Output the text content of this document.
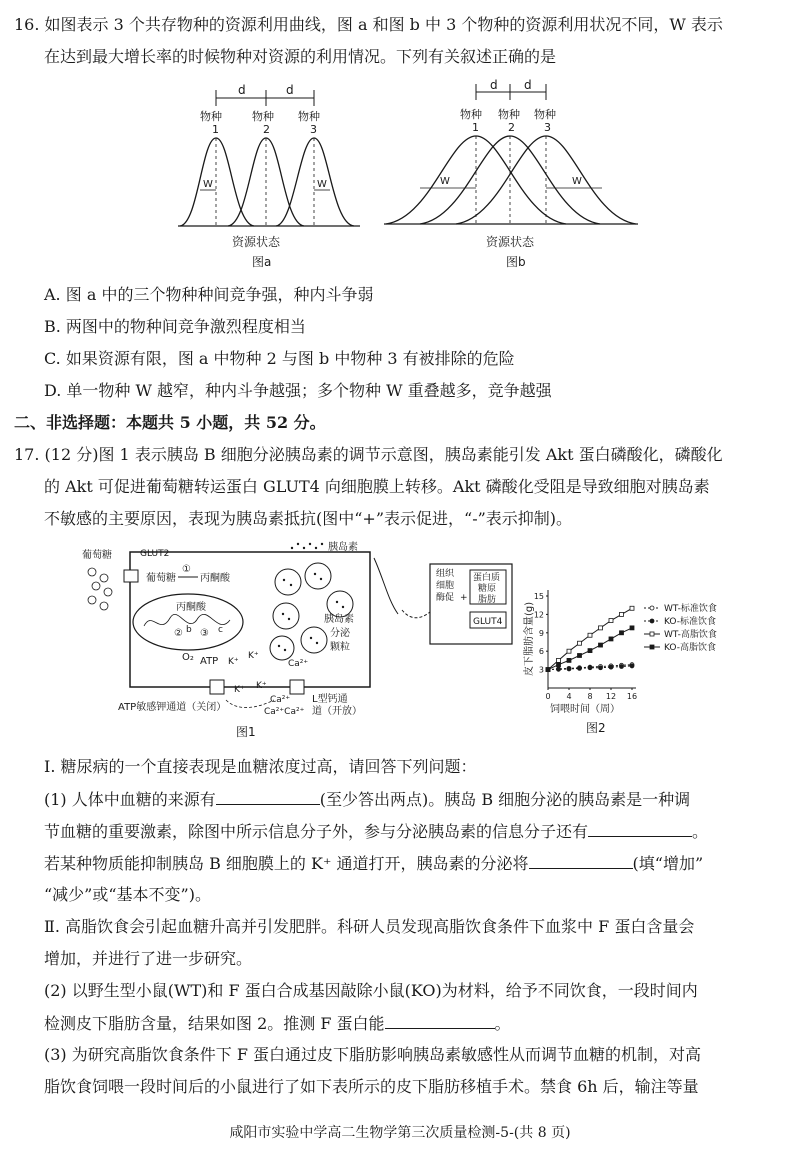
16. 如图表示 3 个共存物种的资源利用曲线，图 a 和图 b 中 3 个物种的资源利用状况不同，W 表示
在达到最大增长率的时候物种对资源的利用情况。下列有关叙述正确的是
d	d
物种
1
物种
2
物种
3
W	W
资源状态
图a
d d
物种
1
物种
2
物种
3
W	W
资源状态
图b
A. 图 a 中的三个物种种间竞争强，种内斗争弱
B. 两图中的物种间竞争激烈程度相当
C. 如果资源有限，图 a 中物种 2 与图 b 中物种 3 有被排除的危险
D. 单一物种 W 越窄，种内斗争越强；多个物种 W 重叠越多，竞争越强
二、非选择题：本题共 5 小题，共 52 分。
17. (12 分)图 1 表示胰岛 B 细胞分泌胰岛素的调节示意图，胰岛素能引发 Akt 蛋白磷酸化，磷酸化
的 Akt 可促进葡萄糖转运蛋白 GLUT4 向细胞膜上转移。Akt 磷酸化受阻是导致细胞对胰岛素
不敏感的主要原因，表现为胰岛素抵抗(图中“+”表示促进，“-”表示抑制)。
葡萄糖	GLUT2
葡萄糖
①
丙酮酸
丙酮酸
② ③
b	c
O₂ ATP K⁺
K⁺
K⁺ K⁺
Ca²⁺
Ca²⁺
Ca²⁺Ca²⁺
ATP敏感钾通道（关闭）
L型钙通
道（开放）
胰岛素
分泌
颗粒
胰岛素
图1
组织
细胞
酶促
蛋白质
糖原
脂肪
GLUT4
+
皮下脂肪含量(g)
饲喂时间（周）
图2
3
6
9
12
15
0 4 8 12 16
WT-标准饮食
KO-标准饮食
WT-高脂饮食
KO-高脂饮食
Ⅰ. 糖尿病的一个直接表现是血糖浓度过高，请回答下列问题：
(1) 人体中血糖的来源有	(至少答出两点)。胰岛 B 细胞分泌的胰岛素是一种调
节血糖的重要激素，除图中所示信息分子外，参与分泌胰岛素的信息分子还有	。
若某种物质能抑制胰岛 B 细胞膜上的 K⁺ 通道打开，胰岛素的分泌将	(填“增加”
“减少”或“基本不变”)。
Ⅱ. 高脂饮食会引起血糖升高并引发肥胖。科研人员发现高脂饮食条件下血浆中 F 蛋白含量会
增加，并进行了进一步研究。
(2) 以野生型小鼠(WT)和 F 蛋白合成基因敲除小鼠(KO)为材料，给予不同饮食，一段时间内
检测皮下脂肪含量，结果如图 2。推测 F 蛋白能	。
(3) 为研究高脂饮食条件下 F 蛋白通过皮下脂肪影响胰岛素敏感性从而调节血糖的机制，对高
脂饮食饲喂一段时间后的小鼠进行了如下表所示的皮下脂肪移植手术。禁食 6h 后，输注等量
咸阳市实验中学高二生物学第三次质量检测-5-(共 8 页)
